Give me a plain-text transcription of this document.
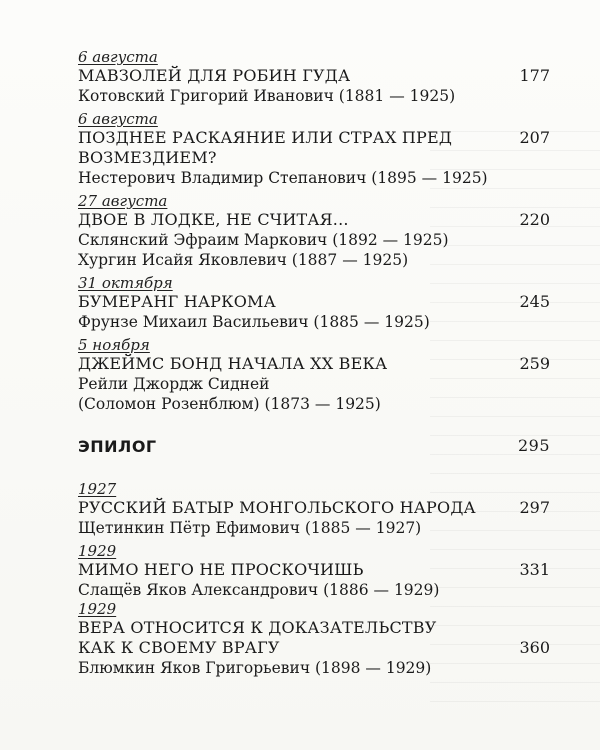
6 августа
177
МАВЗОЛЕЙ ДЛЯ РОБИН ГУДА
Котовский Григорий Иванович (1881 — 1925)
6 августа
207
ПОЗДНЕЕ РАСКАЯНИЕ ИЛИ СТРАХ ПРЕД ВОЗМЕЗДИЕМ?
Нестерович Владимир Степанович (1895 — 1925)
27 августа
220
ДВОЕ В ЛОДКЕ, НЕ СЧИТАЯ...
Склянский Эфраим Маркович (1892 — 1925)
Хургин Исайя Яковлевич (1887 — 1925)
31 октября
245
БУМЕРАНГ НАРКОМА
Фрунзе Михаил Васильевич (1885 — 1925)
5 ноября
259
ДЖЕЙМС БОНД НАЧАЛА XX ВЕКА
Рейли Джордж Сидней
(Соломон Розенблюм) (1873 — 1925)
ЭПИЛОГ	295
1927
297
РУССКИЙ БАТЫР МОНГОЛЬСКОГО НАРОДА
Щетинкин Пётр Ефимович (1885 — 1927)
1929
331
МИМО НЕГО НЕ ПРОСКОЧИШЬ
Слащёв Яков Александрович (1886 — 1929)
1929
360
ВЕРА ОТНОСИТСЯ К ДОКАЗАТЕЛЬСТВУ
КАК К СВОЕМУ ВРАГУ
Блюмкин Яков Григорьевич (1898 — 1929)
